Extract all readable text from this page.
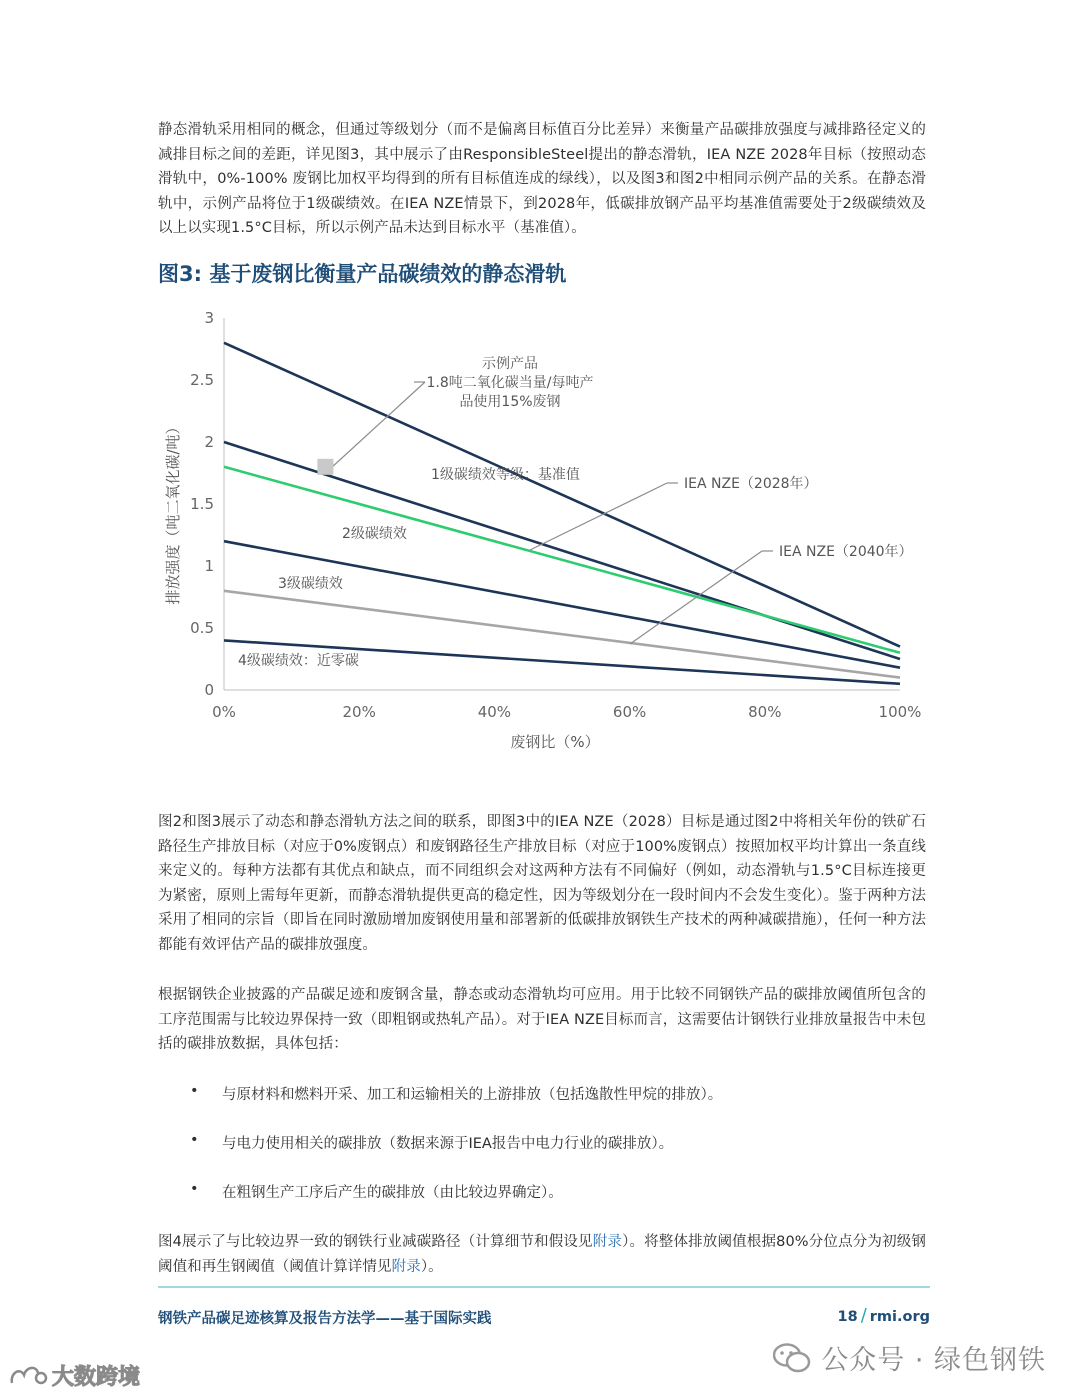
静态滑轨采用相同的概念，但通过等级划分（而不是偏离目标值百分比差异）来衡量产品碳排放强度与减排路径定义的减排目标之间的差距，详见图3，其中展示了由ResponsibleSteel提出的静态滑轨，IEA NZE 2028年目标（按照动态滑轨中，0%-100% 废钢比加权平均得到的所有目标值连成的绿线），以及图3和图2中相同示例产品的关系。在静态滑轨中，示例产品将位于1级碳绩效。在IEA NZE情景下，到2028年，低碳排放钢产品平均基准值需要处于2级碳绩效及以上以实现1.5°C目标，所以示例产品未达到目标水平（基准值）。
图3: 基于废钢比衡量产品碳绩效的静态滑轨
0
0.5
1
1.5
2
2.5
3
0%	20%	40%	60%	80%	100%
排放强度（吨二氧化碳/吨）
废钢比（%）
示例产品
1.8吨二氧化碳当量/每吨产
品使用15%废钢
1级碳绩效等级：基准值
2级碳绩效
3级碳绩效
4级碳绩效：近零碳
IEA NZE（2028年）
IEA NZE（2040年）
图2和图3展示了动态和静态滑轨方法之间的联系，即图3中的IEA NZE（2028）目标是通过图2中将相关年份的铁矿石路径生产排放目标（对应于0%废钢点）和废钢路径生产排放目标（对应于100%废钢点）按照加权平均计算出一条直线来定义的。每种方法都有其优点和缺点，而不同组织会对这两种方法有不同偏好（例如，动态滑轨与1.5°C目标连接更为紧密，原则上需每年更新，而静态滑轨提供更高的稳定性，因为等级划分在一段时间内不会发生变化）。鉴于两种方法采用了相同的宗旨（即旨在同时激励增加废钢使用量和部署新的低碳排放钢铁生产技术的两种减碳措施），任何一种方法都能有效评估产品的碳排放强度。
根据钢铁企业披露的产品碳足迹和废钢含量，静态或动态滑轨均可应用。用于比较不同钢铁产品的碳排放阈值所包含的工序范围需与比较边界保持一致（即粗钢或热轧产品）。对于IEA NZE目标而言，这需要估计钢铁行业排放量报告中未包括的碳排放数据，具体包括：
• 与原材料和燃料开采、加工和运输相关的上游排放（包括逸散性甲烷的排放）。
• 与电力使用相关的碳排放（数据来源于IEA报告中电力行业的碳排放）。
• 在粗钢生产工序后产生的碳排放（由比较边界确定）。
图4展示了与比较边界一致的钢铁行业减碳路径（计算细节和假设见附录）。将整体排放阈值根据80%分位点分为初级钢阈值和再生钢阈值（阈值计算详情见附录）。
钢铁产品碳足迹核算及报告方法学——基于国际实践	18 / rmi.org
公众号 · 绿色钢铁
大数跨境
